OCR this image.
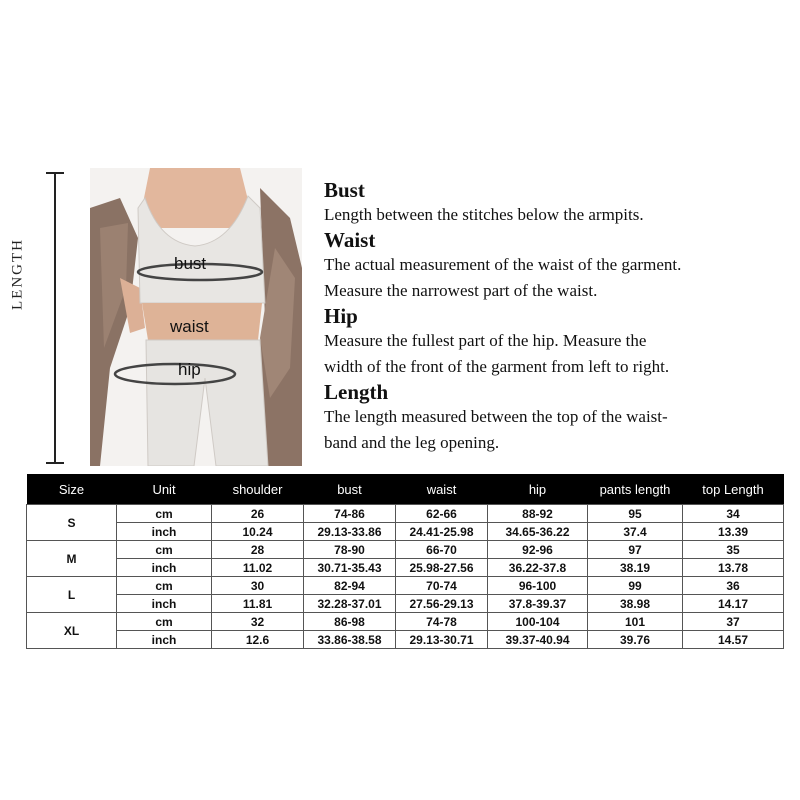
LENGTH	bust
waist
hip
Bust

Length between the stitches below the armpits.

Waist

The actual measurement of the waist of the garment.

Measure the narrowest part of the waist.

Hip

Measure the fullest part of the hip. Measure the

width of the front of the garment from left to right.

Length

The length measured between the top of the waist-

band and the leg opening.

Size	Unit	shoulder	bust	waist	hip	pants length	top Length
S	cm	26	74-86	62-66	88-92	95	34
	inch	10.24	29.13-33.86	24.41-25.98	34.65-36.22	37.4	13.39
M	cm	28	78-90	66-70	92-96	97	35
	inch	11.02	30.71-35.43	25.98-27.56	36.22-37.8	38.19	13.78
L	cm	30	82-94	70-74	96-100	99	36
	inch	11.81	32.28-37.01	27.56-29.13	37.8-39.37	38.98	14.17
XL	cm	32	86-98	74-78	100-104	101	37
	inch	12.6	33.86-38.58	29.13-30.71	39.37-40.94	39.76	14.57
